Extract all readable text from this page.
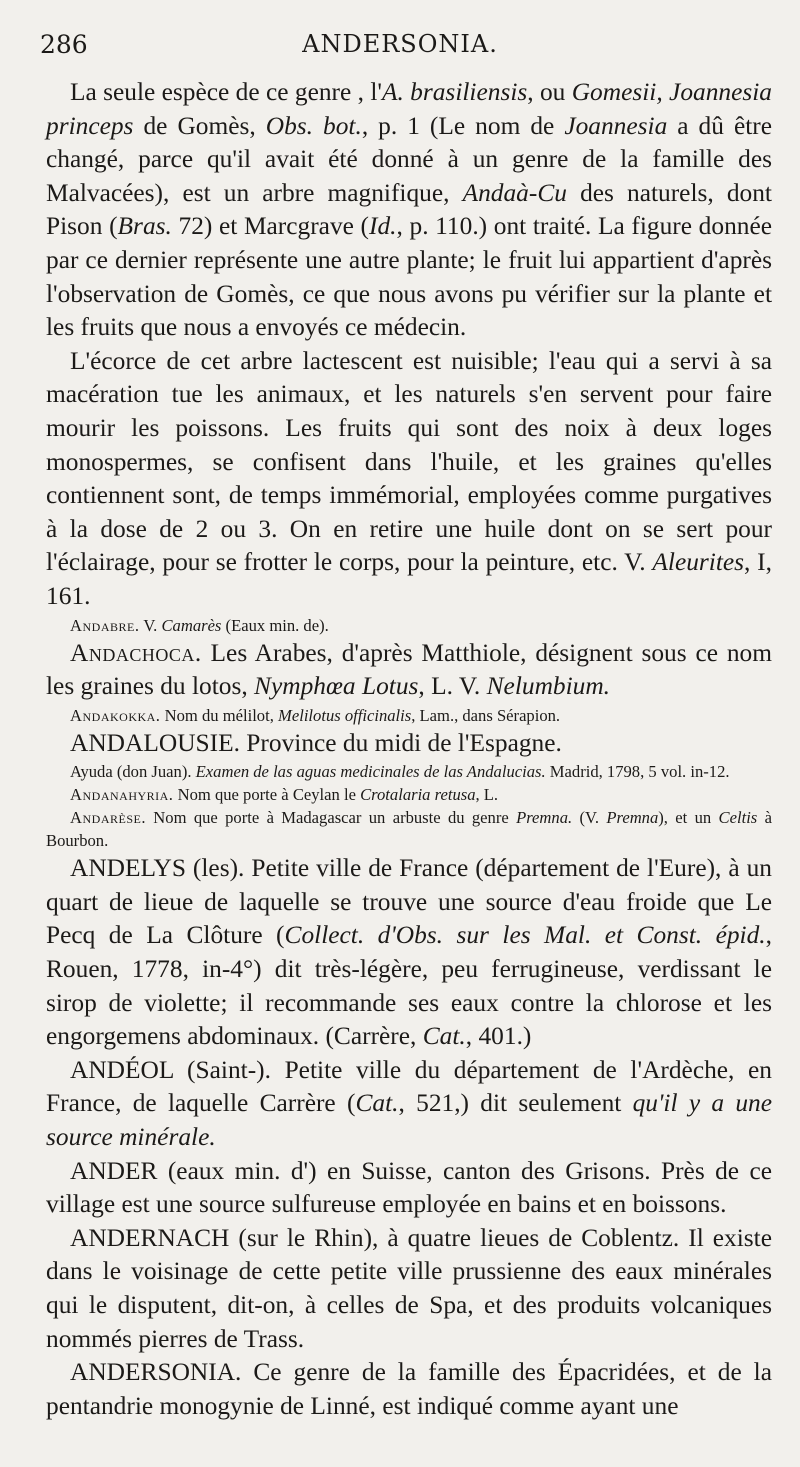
286	ANDERSONIA.

La seule espèce de ce genre , l'A. brasiliensis, ou Gomesii, Joannesia princeps de Gomès, Obs. bot., p. 1 (Le nom de Joannesia a dû être changé, parce qu'il avait été donné à un genre de la famille des Malvacées), est un arbre magnifique, Andaà-Cu des naturels, dont Pison (Bras. 72) et Marcgrave (Id., p. 110.) ont traité. La figure donnée par ce dernier représente une autre plante; le fruit lui appartient d'après l'observation de Gomès, ce que nous avons pu vérifier sur la plante et les fruits que nous a envoyés ce médecin.

L'écorce de cet arbre lactescent est nuisible; l'eau qui a servi à sa macération tue les animaux, et les naturels s'en servent pour faire mourir les poissons. Les fruits qui sont des noix à deux loges monospermes, se confisent dans l'huile, et les graines qu'elles contiennent sont, de temps immémorial, employées comme purgatives à la dose de 2 ou 3. On en retire une huile dont on se sert pour l'éclairage, pour se frotter le corps, pour la peinture, etc. V. Aleurites, I, 161.

Andabre. V. Camarès (Eaux min. de).

Andachoca. Les Arabes, d'après Matthiole, désignent sous ce nom les graines du lotos, Nymphœa Lotus, L. V. Nelumbium.

Andakokka. Nom du mélilot, Melilotus officinalis, Lam., dans Sérapion.

ANDALOUSIE. Province du midi de l'Espagne.

Ayuda (don Juan). Examen de las aguas medicinales de las Andalucias. Madrid, 1798, 5 vol. in-12.

Andanahyria. Nom que porte à Ceylan le Crotalaria retusa, L.

Andarèse. Nom que porte à Madagascar un arbuste du genre Premna. (V. Premna), et un Celtis à Bourbon.

ANDELYS (les). Petite ville de France (département de l'Eure), à un quart de lieue de laquelle se trouve une source d'eau froide que Le Pecq de La Clôture (Collect. d'Obs. sur les Mal. et Const. épid., Rouen, 1778, in-4°) dit très-légère, peu ferrugineuse, verdissant le sirop de violette; il recommande ses eaux contre la chlorose et les engorgemens abdominaux. (Carrère, Cat., 401.)

ANDÉOL (Saint-). Petite ville du département de l'Ardèche, en France, de laquelle Carrère (Cat., 521,) dit seulement qu'il y a une source minérale.

ANDER (eaux min. d') en Suisse, canton des Grisons. Près de ce village est une source sulfureuse employée en bains et en boissons.

ANDERNACH (sur le Rhin), à quatre lieues de Coblentz. Il existe dans le voisinage de cette petite ville prussienne des eaux minérales qui le disputent, dit-on, à celles de Spa, et des produits volcaniques nommés pierres de Trass.

ANDERSONIA. Ce genre de la famille des Épacridées, et de la pentandrie monogynie de Linné, est indiqué comme ayant une
